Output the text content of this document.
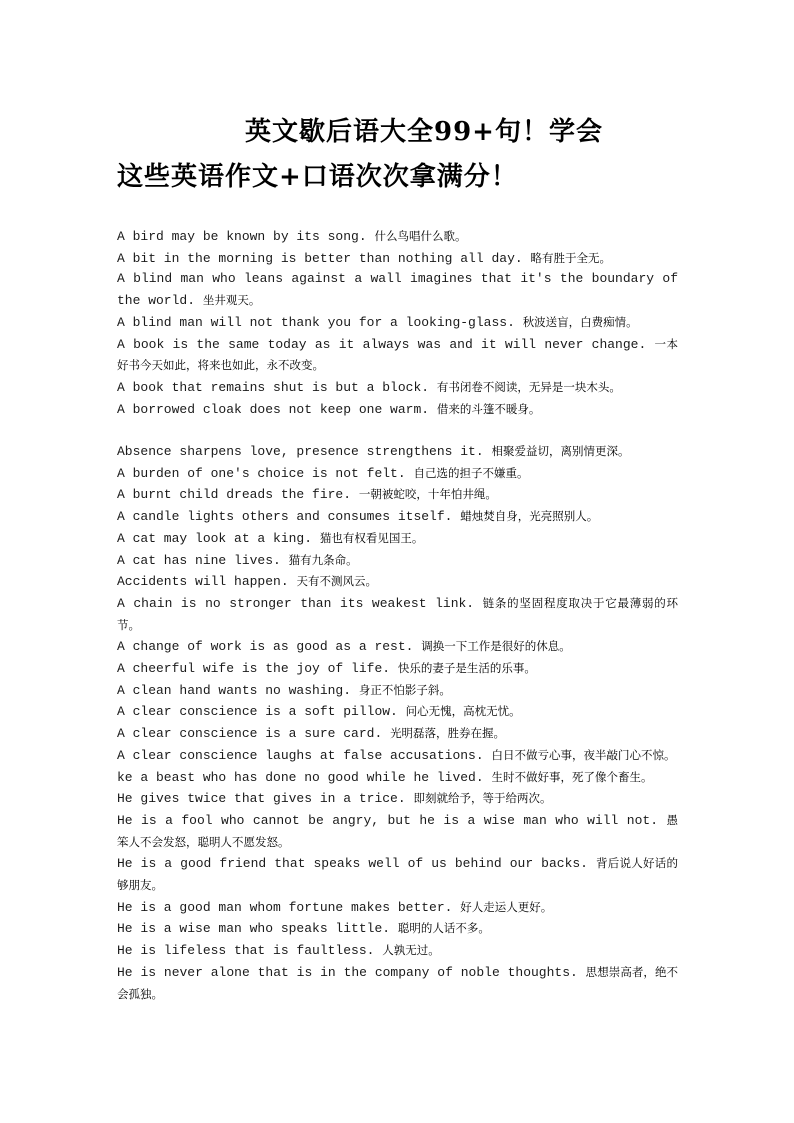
英文歇后语大全99+句！学会
这些英语作文+口语次次拿满分！

A bird may be known by its song. 什么鸟唱什么歌。

A bit in the morning is better than nothing all day. 略有胜于全无。

A blind man who leans against a wall imagines that it's the boundary of the world. 坐井观天。

A blind man will not thank you for a looking-glass. 秋波送盲，白费痴情。

A book is the same today as it always was and it will never change. 一本好书今天如此，将来也如此，永不改变。

A book that remains shut is but a block. 有书闭卷不阅读，无异是一块木头。

A borrowed cloak does not keep one warm. 借来的斗篷不暖身。

Absence sharpens love, presence strengthens it. 相聚爱益切，离别情更深。

A burden of one's choice is not felt. 自己选的担子不嫌重。

A burnt child dreads the fire. 一朝被蛇咬，十年怕井绳。

A candle lights others and consumes itself. 蜡烛焚自身，光亮照别人。

A cat may look at a king. 猫也有权看见国王。

A cat has nine lives. 猫有九条命。

Accidents will happen. 天有不测风云。

A chain is no stronger than its weakest link. 链条的坚固程度取决于它最薄弱的环节。

A change of work is as good as a rest. 调换一下工作是很好的休息。

A cheerful wife is the joy of life. 快乐的妻子是生活的乐事。

A clean hand wants no washing. 身正不怕影子斜。

A clear conscience is a soft pillow. 问心无愧，高枕无忧。

A clear conscience is a sure card. 光明磊落，胜券在握。

A clear conscience laughs at false accusations. 白日不做亏心事，夜半敲门心不惊。

ke a beast who has done no good while he lived. 生时不做好事，死了像个畜生。

He gives twice that gives in a trice. 即刻就给予，等于给两次。

He is a fool who cannot be angry, but he is a wise man who will not. 愚笨人不会发怒，聪明人不愿发怒。

He is a good friend that speaks well of us behind our backs. 背后说人好话的够朋友。

He is a good man whom fortune makes better. 好人走运人更好。

He is a wise man who speaks little. 聪明的人话不多。

He is lifeless that is faultless. 人孰无过。

He is never alone that is in the company of noble thoughts. 思想崇高者，绝不会孤独。
